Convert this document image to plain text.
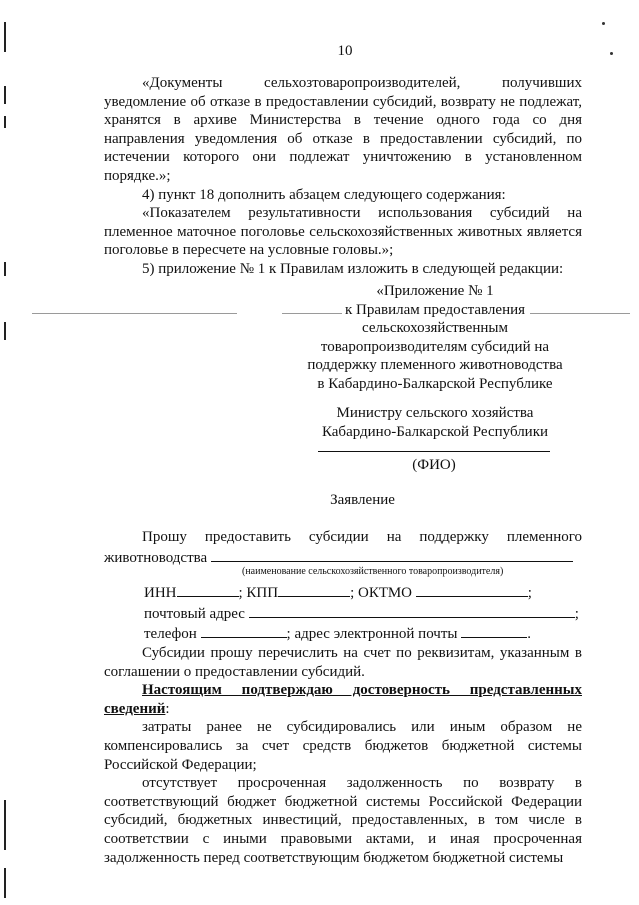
10

«Документы сельхозтоваропроизводителей, получивших уведомление об отказе в предоставлении субсидий, возврату не подлежат, хранятся в архиве Министерства в течение одного года со дня направления уведомления об отказе в предоставлении субсидий, по истечении которого они подлежат уничтожению в установленном порядке.»;

4) пункт 18 дополнить абзацем следующего содержания:

«Показателем результативности использования субсидий на племенное маточное поголовье сельскохозяйственных животных является поголовье в пересчете на условные головы.»;

5) приложение № 1 к Правилам изложить в следующей редакции:

«Приложение № 1
к Правилам предоставления
сельскохозяйственным
товаропроизводителям субсидий на
поддержку племенного животноводства
в Кабардино-Балкарской Республике
Министру сельского хозяйства
Кабардино-Балкарской Республики
(ФИО)
Заявление

Прошу предоставить субсидии на поддержку племенного

животноводства
(наименование сельскохозяйственного товаропроизводителя)
ИНН	; КПП	; ОКТМО	;
почтовый адрес	;
телефон	; адрес электронной почты	.

Субсидии прошу перечислить на счет по реквизитам, указанным в соглашении о предоставлении субсидий.

Настоящим подтверждаю достоверность представленных сведений:

затраты ранее не субсидировались или иным образом не компенсировались за счет средств бюджетов бюджетной системы Российской Федерации;

отсутствует просроченная задолженность по возврату в соответствующий бюджет бюджетной системы Российской Федерации субсидий, бюджетных инвестиций, предоставленных, в том числе в соответствии с иными правовыми актами, и иная просроченная задолженность перед соответствующим бюджетом бюджетной системы
